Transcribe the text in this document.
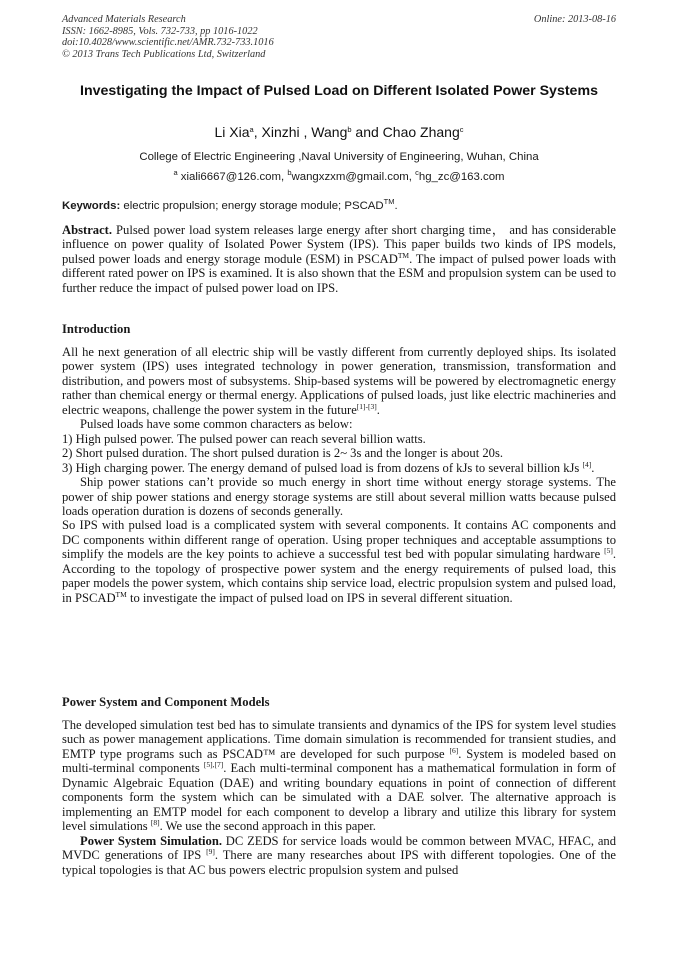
Advanced Materials Research
ISSN: 1662-8985, Vols. 732-733, pp 1016-1022
doi:10.4028/www.scientific.net/AMR.732-733.1016
© 2013 Trans Tech Publications Ltd, Switzerland
Online: 2013-08-16
Investigating the Impact of Pulsed Load on Different Isolated Power Systems
Li Xia$^a$, Xinzhi , Wang$^b$ and Chao Zhang$^c$
College of Electric Engineering ,Naval University of Engineering, Wuhan, China
$^a$ xiali6667@126.com, $^b$wangxzxm@gmail.com, $^c$hg_zc@163.com
Keywords: electric propulsion; energy storage module; PSCAD™.

Abstract. Pulsed power load system releases large energy after short charging time， and has considerable influence on power quality of Isolated Power System (IPS). This paper builds two kinds of IPS models, pulsed power loads and energy storage module (ESM) in PSCAD™. The impact of pulsed power loads with different rated power on IPS is examined. It is also shown that the ESM and propulsion system can be used to further reduce the impact of pulsed power load on IPS.

Introduction

All he next generation of all electric ship will be vastly different from currently deployed ships. Its isolated power system (IPS) uses integrated technology in power generation, transmission, transformation and distribution, and powers most of subsystems. Ship-based systems will be powered by electromagnetic energy rather than chemical energy or thermal energy. Applications of pulsed loads, just like electric machineries and electric weapons, challenge the power system in the future[1]-[3].

Pulsed loads have some common characters as below:

1) High pulsed power. The pulsed power can reach several billion watts.

2) Short pulsed duration. The short pulsed duration is 2~ 3s and the longer is about 20s.

3) High charging power. The energy demand of pulsed load is from dozens of kJs to several billion kJs [4].

Ship power stations can’t provide so much energy in short time without energy storage systems. The power of ship power stations and energy storage systems are still about several million watts because pulsed loads operation duration is dozens of seconds generally.

So IPS with pulsed load is a complicated system with several components. It contains AC components and DC components within different range of operation. Using proper techniques and acceptable assumptions to simplify the models are the key points to achieve a successful test bed with popular simulating hardware [5]. According to the topology of prospective power system and the energy requirements of pulsed load, this paper models the power system, which contains ship service load, electric propulsion system and pulsed load, in PSCAD™ to investigate the impact of pulsed load on IPS in several different situation.

Power System and Component Models

The developed simulation test bed has to simulate transients and dynamics of the IPS for system level studies such as power management applications. Time domain simulation is recommended for transient studies, and EMTP type programs such as PSCAD™ are developed for such purpose [6]. System is modeled based on multi-terminal components [5],[7]. Each multi-terminal component has a mathematical formulation in form of Dynamic Algebraic Equation (DAE) and writing boundary equations in point of connection of different components form the system which can be simulated with a DAE solver. The alternative approach is implementing an EMTP model for each component to develop a library and utilize this library for system level simulations [8]. We use the second approach in this paper.

Power System Simulation. DC ZEDS for service loads would be common between MVAC, HFAC, and MVDC generations of IPS [9]. There are many researches about IPS with different topologies. One of the typical topologies is that AC bus powers electric propulsion system and pulsed
